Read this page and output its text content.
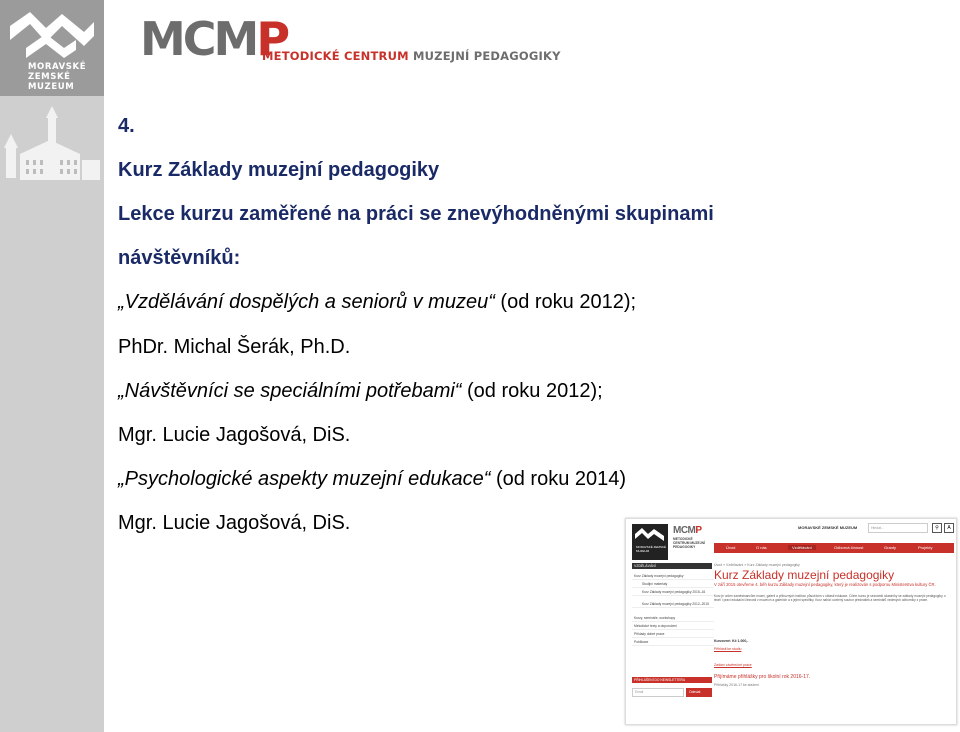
MORAVSKÉ
ZEMSKÉ
MUZEUM
MCMP
METODICKÉ CENTRUM MUZEJNÍ PEDAGOGIKY
4.
Kurz Základy muzejní pedagogiky
Lekce kurzu zaměřené na práci se znevýhodněnými skupinami
návštěvníků:
„Vzdělávání dospělých a seniorů v muzeu“ (od roku 2012);
PhDr. Michal Šerák, Ph.D.
„Návštěvníci se speciálními potřebami“ (od roku 2012);
Mgr. Lucie Jagošová, DiS.
„Psychologické aspekty muzejní edukace“ (od roku 2014)
Mgr. Lucie Jagošová, DiS.
MORAVSKÉ ZEMSKÉ MUZEUM
MCMP
METODICKÉ CENTRUM MUZEJNÍ PEDAGOGIKY
MORAVSKÉ ZEMSKÉ MUZEUM	Hledat...	⚲	A
Úvod	O nás	Vzdělávání	Odborná činnost	Granty	Projekty
VZDĚLÁVÁNÍ
Kurz Základy muzejní pedagogiky
Studijní materiály
Kurz Základy muzejní pedagogiky 2015–16
Kurz Základy muzejní pedagogiky 2012–2015
Kurzy, semináře, workshopy
Metodické texty a doporučení
Příklady dobré praxe
Publikace
PŘIHLÁŠENÍ DO NEWSLETTERU
Email	Odeslat
Úvod » Vzdělávání » Kurz Základy muzejní pedagogiky
Kurz Základy muzejní pedagogiky
V září 2015 otevřeme 4. běh kurzu Základy muzejní pedagogiky, který je realizován s podporou Ministerstva kultury ČR.
Kurz je určen zaměstnancům muzeí, galerií a příbuzných institucí působícím v oblasti edukace. Cílem kurzu je seznámit účastníky se základy muzejní pedagogiky, s teorií i praxí edukační činnosti v muzeích a galeriích a s jejími specifiky. Kurz nabízí ucelený soubor přednášek a seminářů vedených odborníky z praxe.
Kurzovné: Kč 1.000,-
Přihlásit ke studiu
Zadání závěrečné práce
Přijímáme přihlášky pro školní rok 2016-17.
Přihlášky 2016-17 ke stažení
